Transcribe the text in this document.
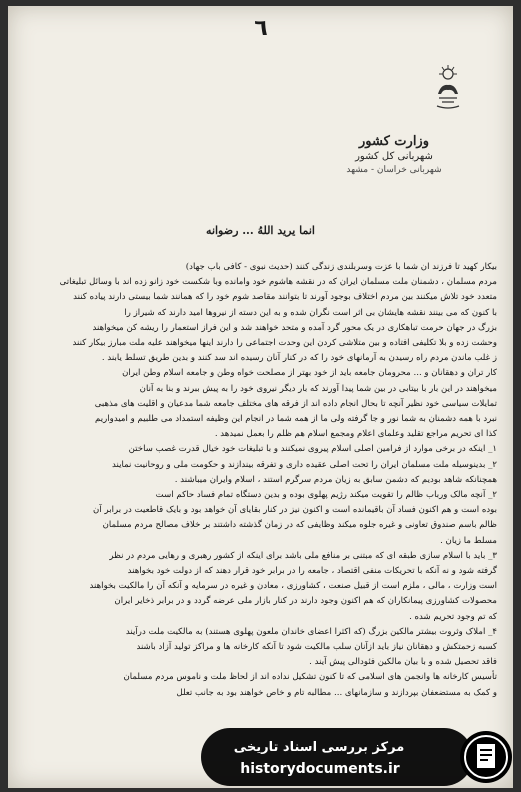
٦
وزارت کشور
شهربانی کل کشور
شهربانی خراسان - مشهد
انما یرید اللهُ ... رضوانه
بیکار کهید تا فرزند ان شما با عزت وسربلندی زندگی کنند (حدیث نبوی - کافی باب جهاد)
مردم مسلمان ، دشمنان ملت مسلمان ایران که در نقشه هاشوم خود وامانده وبا شکست خود زانو زده اند با وسائل تبلیغاتی
متعدد خود تلاش میکنند بین مردم اختلاف بوجود آورند تا بتوانند مقاصد شوم خود را که همانند شما بیستی دارند پیاده کنند
با کنون که می بینند نقشه هایشان بی اثر است نگران شده و به این دسته از نیروها امید دارند که شیراز را
بزرگ در جهان حرمت تباهکاری در یک محور گرد آمده و متحد خواهند شد و این فراز استعمار را ریشه کن میخواهند
وحشت زده و بلا تکلیفی افتاده و بین متلاشی کردن این وحدت اجتماعی را دارند اینها میخواهند علیه ملت مبارز بیکار کنند
ز غلب ماندن مردم راه رسیدن به آرمانهای خود را که در کنار آنان رسیده اند سد کنند و بدین طریق تسلط یابند .
کار تران و دهقانان و ... محرومان جامعه باید از خود بهتر از مصلحت خواه وطن و جامعه اسلام وطن ایران
میخواهند در این بار با بیتابی در بین شما پیدا آورند که بار دیگر نیروی خود را به پیش ببرند و بنا به آنان
تمایلات سیاسی خود نظیر آنچه تا بحال انجام داده اند از فرقه های مختلف جامعه شما مدعیان و اقلیت های مذهبی
نبرد با همه دشمنان به شما نور و جا گرفته ولی ما از همه شما در انجام این وظیفه استمداد می طلبیم و امیدواریم
کذا ای تحریم مراجع تقلید وعلمای اعلام ومجمع اسلام هم ظلم را بعمل نمیدهد .
۱_ اینکه در برخی موارد از فرامین اصلی اسلام پیروی نمیکنند و با تبلیغات خود خیال قدرت غصب ساختن
۲_ بدینوسیله ملت مسلمان ایران را تحت اصلی عقیده داری و تفرقه بیندازند و حکومت ملی و روحانیت نمایند
همچنانکه شاهد بودیم که دشمن سابق به زیان مردم سرگرم استند ، اسلام وایران میباشند .
۲_ آنچه مالک ورباب ظالم را تقویت میکند رژیم پهلوی بوده و بدین دستگاه تمام فساد حاکم است
بوده است و هم اکنون فساد آن باقیمانده است و اکنون نیز در کنار بقایای آن خواهد بود و بایک قاطعیت در برابر آن
ظالم باسم صندوق تعاونی و غیره جلوه میکند وظایفی که در زمان گذشته داشتند بر خلاف مصالح مردم مسلمان
مسلط ما زیان .
۳_ باید با اسلام سازی طبقه ای که مبتنی بر منافع ملی باشد برای اینکه از کشور رهبری و رهایی مردم در نظر
گرفته شود و نه آنکه با تحریکات منفی اقتصاد ، جامعه را در برابر خود قرار دهند که از دولت خود بخواهند
است وزارت ، مالی ، ملزم است از قبیل صنعت ، کشاورزی ، معادن و غیره در سرمایه و آنکه آن را مالکیت بخواهند
محصولات کشاورزی پیمانکاران که هم اکنون وجود دارند در کنار بازار ملی عرضه گردد و در برابر ذخایر ایران
که تم وجود تحریم شده .
۴_ املاک وثروت بیشتر مالکین بزرگ (که اکثرا اعضای خاندان ملعون پهلوی هستند) به مالکیت ملت درآیند
کسبه زحمتکش و دهقانان نیاز باید ازآنان سلب مالکیت شود تا آنکه کارخانه ها و مراکز تولید آزاد باشند
فاقد تحصیل شده و با بیان مالکین فئودالی پیش آیند .
تأسیس کارخانه ها وانجمن های اسلامی که تا کنون تشکیل نداده اند از لحاظ ملت و ناموس مردم مسلمان
و کمک به مستضعفان بپردازند و سازمانهای ... مطالبه تام و خاص خواهند بود به جانب تعلل
مرکز بررسی اسناد تاریخی
historydocuments.ir
